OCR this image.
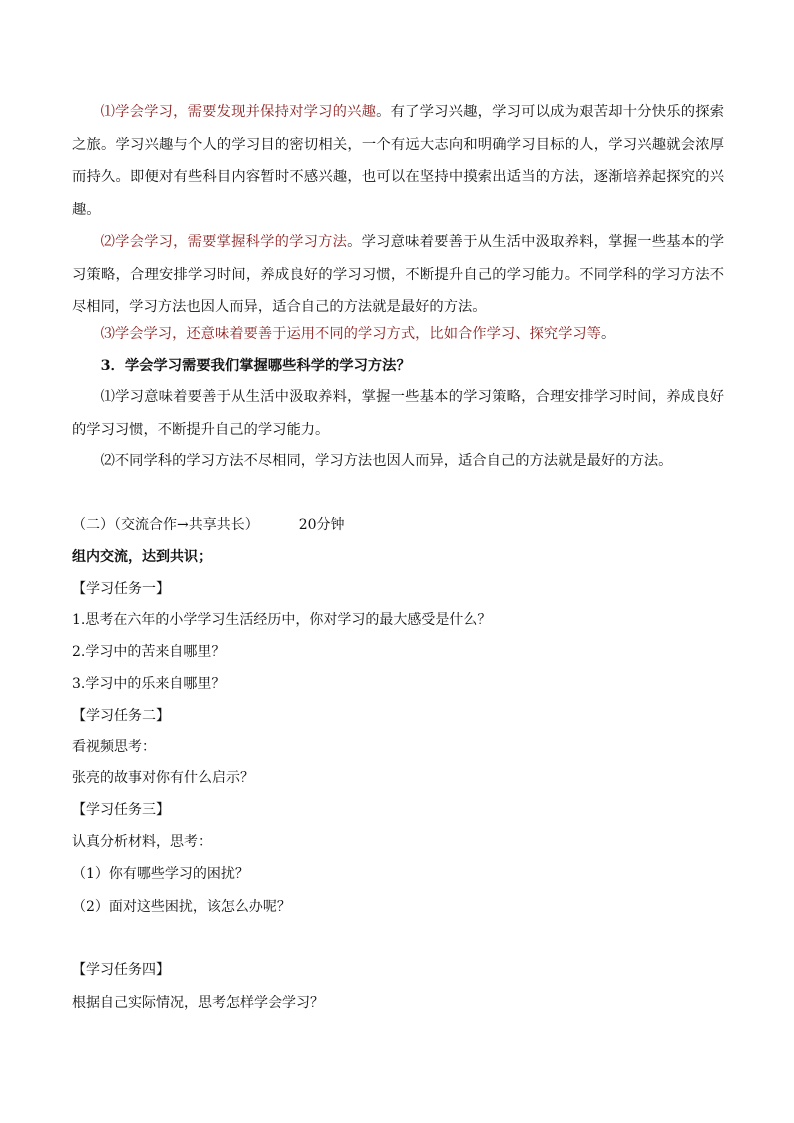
⑴学会学习，需要发现并保持对学习的兴趣。有了学习兴趣，学习可以成为艰苦却十分快乐的探索之旅。学习兴趣与个人的学习目的密切相关，一个有远大志向和明确学习目标的人，学习兴趣就会浓厚而持久。即便对有些科目内容暂时不感兴趣，也可以在坚持中摸索出适当的方法，逐渐培养起探究的兴趣。

⑵学会学习，需要掌握科学的学习方法。学习意味着要善于从生活中汲取养料，掌握一些基本的学习策略，合理安排学习时间，养成良好的学习习惯，不断提升自己的学习能力。不同学科的学习方法不尽相同，学习方法也因人而异，适合自己的方法就是最好的方法。

⑶学会学习，还意味着要善于运用不同的学习方式，比如合作学习、探究学习等。

3．学会学习需要我们掌握哪些科学的学习方法？

⑴学习意味着要善于从生活中汲取养料，掌握一些基本的学习策略，合理安排学习时间，养成良好的学习习惯，不断提升自己的学习能力。

⑵不同学科的学习方法不尽相同，学习方法也因人而异，适合自己的方法就是最好的方法。

（二）（交流合作→共享共长）	20分钟

组内交流，达到共识；

【学习任务一】

1.思考在六年的小学学习生活经历中，你对学习的最大感受是什么？

2.学习中的苦来自哪里？

3.学习中的乐来自哪里？

【学习任务二】

看视频思考：

张亮的故事对你有什么启示？

【学习任务三】

认真分析材料，思考：

（1）你有哪些学习的困扰？

（2）面对这些困扰，该怎么办呢？

【学习任务四】

根据自己实际情况，思考怎样学会学习？
